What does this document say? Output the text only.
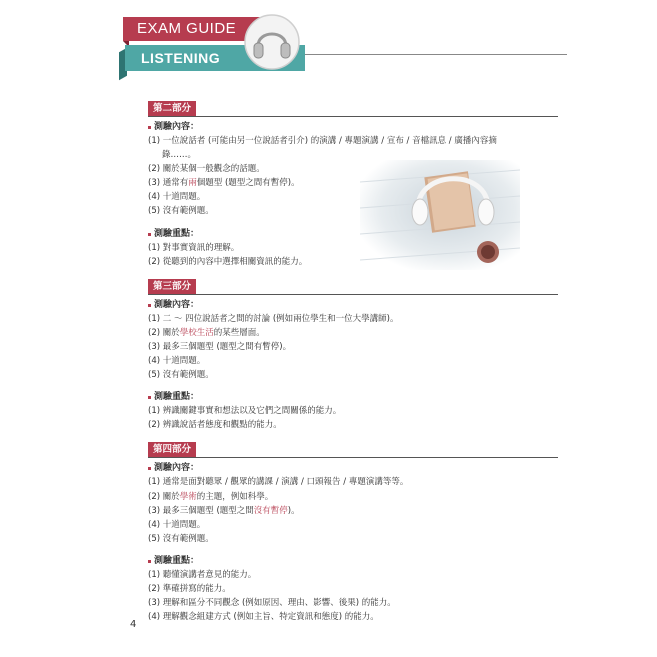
EXAM GUIDE
LISTENING
第二部分
測驗內容：
(1) 一位說話者 (可能由另一位說話者引介) 的演講 / 專題演講 / 宣布 / 音檔訊息 / 廣播內容摘錄……。
(2) 關於某個一般觀念的話題。
(3) 通常有兩個題型 (題型之間有暫停)。
(4) 十道問題。
(5) 沒有範例題。
測驗重點：
(1) 對事實資訊的理解。
(2) 從聽到的內容中選擇相關資訊的能力。
第三部分
測驗內容：
(1) 二 ～ 四位說話者之間的討論 (例如兩位學生和一位大學講師)。
(2) 關於學校生活的某些層面。
(3) 最多三個題型 (題型之間有暫停)。
(4) 十道問題。
(5) 沒有範例題。
測驗重點：
(1) 辨識關鍵事實和想法以及它們之間關係的能力。
(2) 辨識說話者態度和觀點的能力。
第四部分
測驗內容：
(1) 通常是面對聽眾 / 觀眾的講課 / 演講 / 口頭報告 / 專題演講等等。
(2) 關於學術的主題，例如科學。
(3) 最多三個題型 (題型之間沒有暫停)。
(4) 十道問題。
(5) 沒有範例題。
測驗重點：
(1) 聽懂演講者意見的能力。
(2) 準確拼寫的能力。
(3) 理解和區分不同觀念 (例如原因、理由、影響、後果) 的能力。
(4) 理解觀念組建方式 (例如主旨、特定資訊和態度) 的能力。
4
